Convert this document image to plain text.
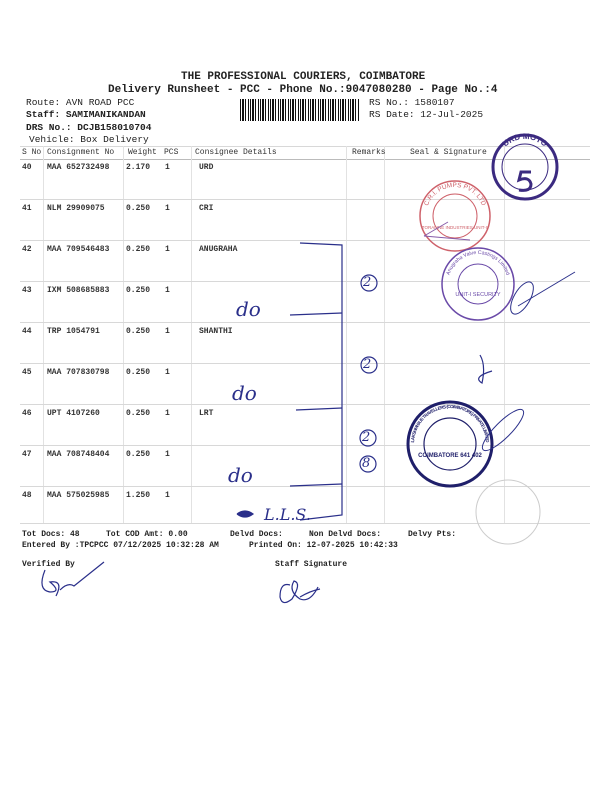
THE PROFESSIONAL COURIERS, COIMBATORE
Delivery Runsheet - PCC - Phone No.:9047080280 - Page No.:4
Route: AVN ROAD PCC
Staff: SAMIMANIKANDAN
DRS No.: DCJB158010704
Vehicle: Box Delivery
RS No.: 1580107
RS Date: 12-Jul-2025
S No Consignment No Weight PCS Consignee Details	Remarks	Seal & Signature
40 MAA 652732498 2.170 1	URD
41 NLM 29909075	0.250 1	CRI
42 MAA 709546483 0.250 1	ANUGRAHA
43 IXM 508685883 0.250 1
44 TRP 1054791	0.250 1	SHANTHI
45 MAA 707830798 0.250 1
46 UPT 4107260	0.250 1	LRT
47 MAA 708748404 0.250 1
48 MAA 575025985 1.250 1
do
do
do
L.L.S.
2
2
2
8
URD MOTO
C.R.I. PUMPS PVT. LTD
TORALINE INDUSTRIES UNIT-II
Anugraha Valve Castings Limited
UNIT-I SECURITY
LAKSHMI BUS TRAVELLERS (COIMBATORE) PRIVATE LIMITED
COIMBATORE 641 402
Tot Docs: 48	Tot COD Amt: 0.00	Delvd Docs:	Non Delvd Docs:	Delvy Pts:
Entered By :TPCPCC 07/12/2025 10:32:28 AM	Printed On: 12-07-2025 10:42:33
Verified By	Staff Signature
